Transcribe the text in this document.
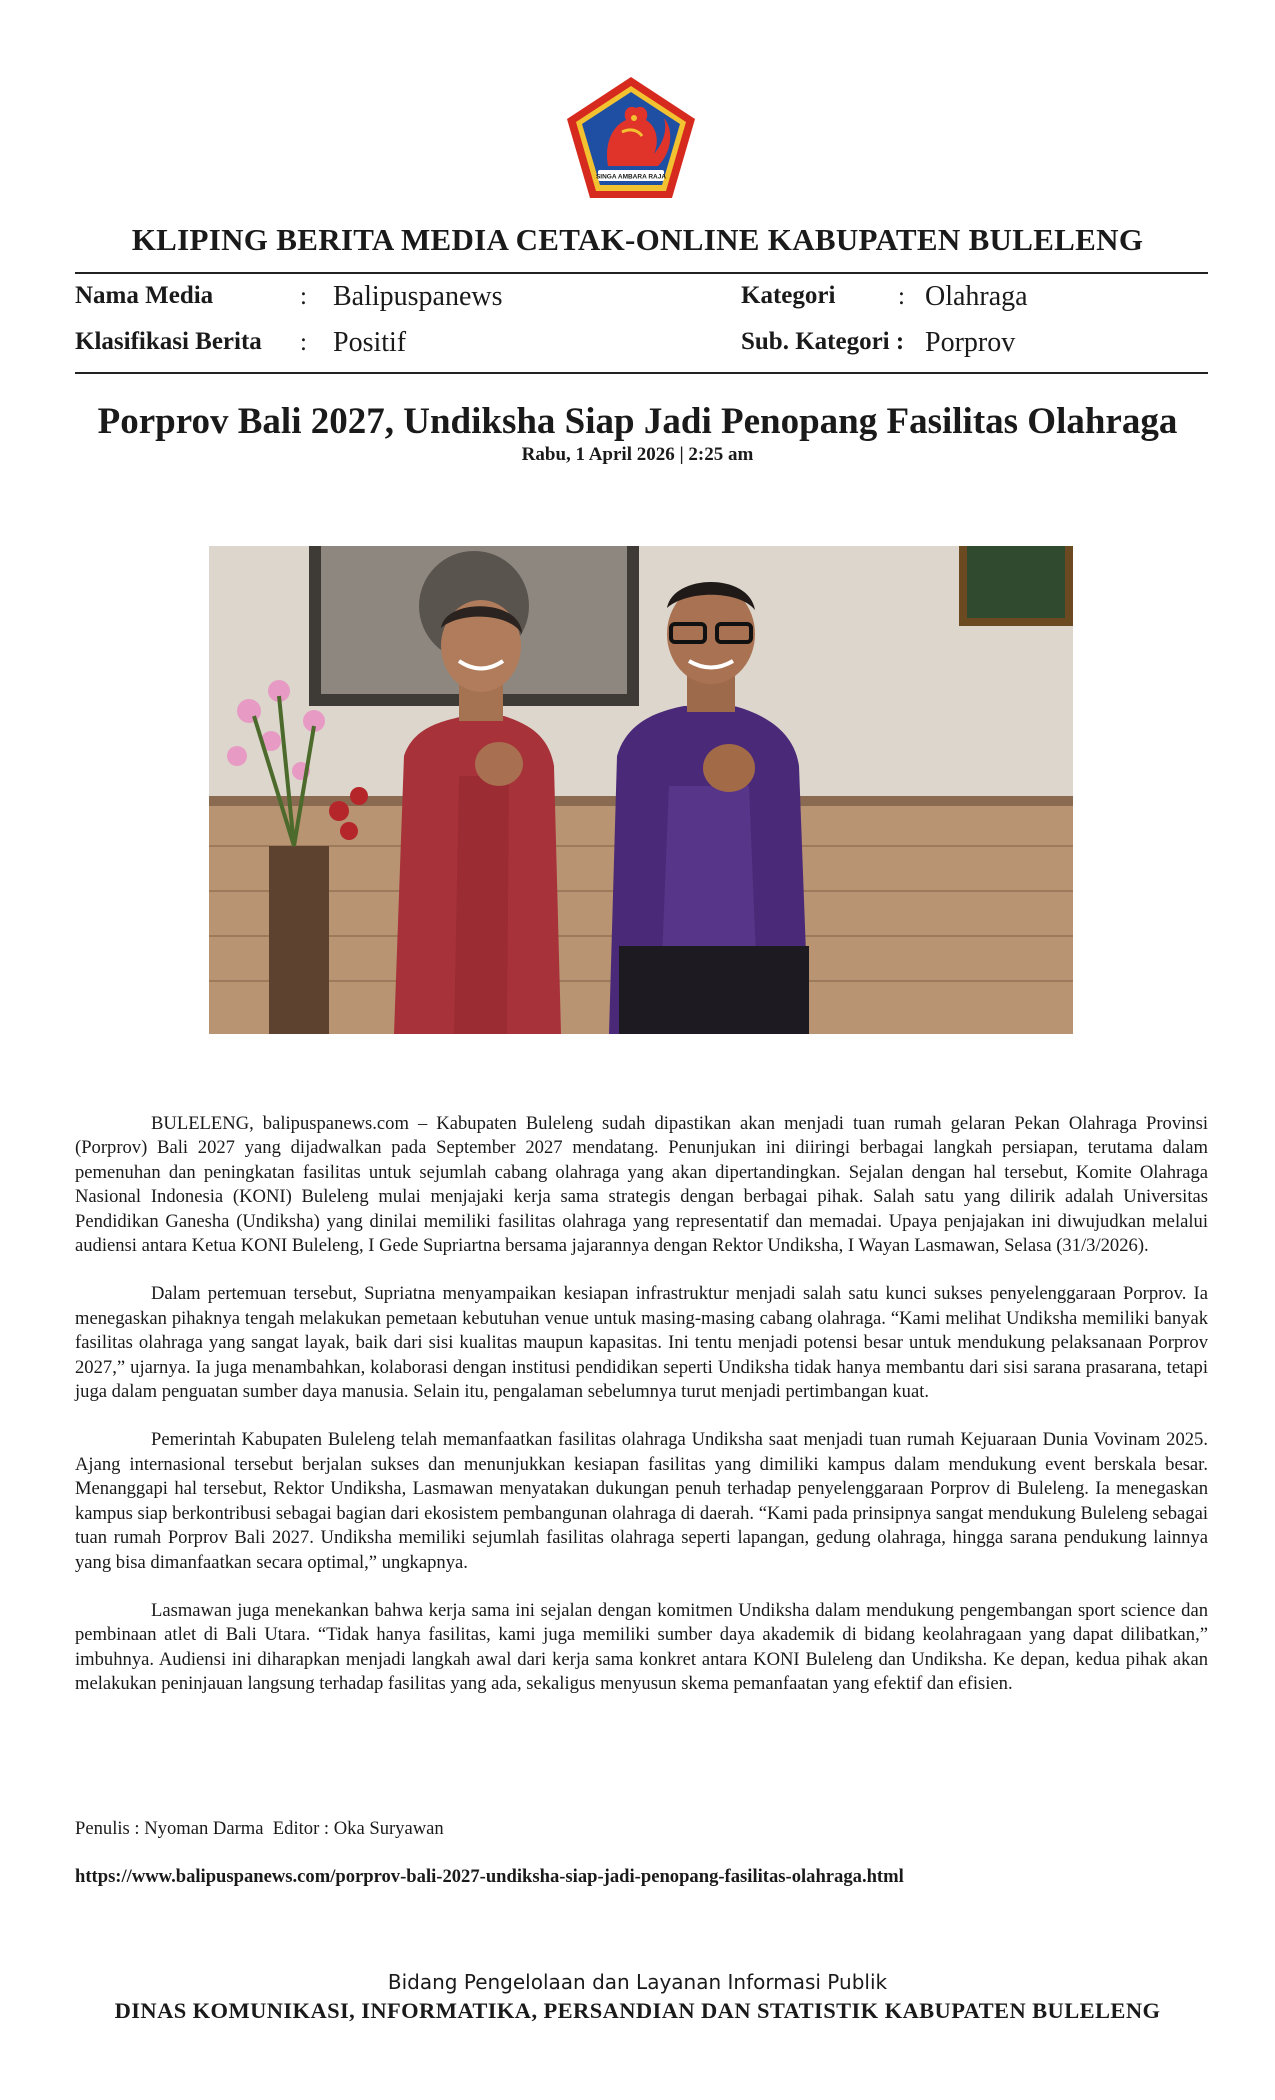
SINGA AMBARA RAJA
KLIPING BERITA MEDIA CETAK-ONLINE KABUPATEN BULELENG
Nama Media	: Balipuspanews	Kategori	: Olahraga
Klasifikasi Berita : Positif	Sub. Kategori : Porprov
Porprov Bali 2027, Undiksha Siap Jadi Penopang Fasilitas Olahraga
Rabu, 1 April 2026 | 2:25 am

BULELENG, balipuspanews.com – Kabupaten Buleleng sudah dipastikan akan menjadi tuan rumah gelaran Pekan Olahraga Provinsi (Porprov) Bali 2027 yang dijadwalkan pada September 2027 mendatang. Penunjukan ini diiringi berbagai langkah persiapan, terutama dalam pemenuhan dan peningkatan fasilitas untuk sejumlah cabang olahraga yang akan dipertandingkan. Sejalan dengan hal tersebut, Komite Olahraga Nasional Indonesia (KONI) Buleleng mulai menjajaki kerja sama strategis dengan berbagai pihak. Salah satu yang dilirik adalah Universitas Pendidikan Ganesha (Undiksha) yang dinilai memiliki fasilitas olahraga yang representatif dan memadai. Upaya penjajakan ini diwujudkan melalui audiensi antara Ketua KONI Buleleng, I Gede Supriartna bersama jajarannya dengan Rektor Undiksha, I Wayan Lasmawan, Selasa (31/3/2026).

Dalam pertemuan tersebut, Supriatna menyampaikan kesiapan infrastruktur menjadi salah satu kunci sukses penyelenggaraan Porprov. Ia menegaskan pihaknya tengah melakukan pemetaan kebutuhan venue untuk masing-masing cabang olahraga. “Kami melihat Undiksha memiliki banyak fasilitas olahraga yang sangat layak, baik dari sisi kualitas maupun kapasitas. Ini tentu menjadi potensi besar untuk mendukung pelaksanaan Porprov 2027,” ujarnya. Ia juga menambahkan, kolaborasi dengan institusi pendidikan seperti Undiksha tidak hanya membantu dari sisi sarana prasarana, tetapi juga dalam penguatan sumber daya manusia. Selain itu, pengalaman sebelumnya turut menjadi pertimbangan kuat.

Pemerintah Kabupaten Buleleng telah memanfaatkan fasilitas olahraga Undiksha saat menjadi tuan rumah Kejuaraan Dunia Vovinam 2025. Ajang internasional tersebut berjalan sukses dan menunjukkan kesiapan fasilitas yang dimiliki kampus dalam mendukung event berskala besar. Menanggapi hal tersebut, Rektor Undiksha, Lasmawan menyatakan dukungan penuh terhadap penyelenggaraan Porprov di Buleleng. Ia menegaskan kampus siap berkontribusi sebagai bagian dari ekosistem pembangunan olahraga di daerah. “Kami pada prinsipnya sangat mendukung Buleleng sebagai tuan rumah Porprov Bali 2027. Undiksha memiliki sejumlah fasilitas olahraga seperti lapangan, gedung olahraga, hingga sarana pendukung lainnya yang bisa dimanfaatkan secara optimal,” ungkapnya.

Lasmawan juga menekankan bahwa kerja sama ini sejalan dengan komitmen Undiksha dalam mendukung pengembangan sport science dan pembinaan atlet di Bali Utara. “Tidak hanya fasilitas, kami juga memiliki sumber daya akademik di bidang keolahragaan yang dapat dilibatkan,” imbuhnya. Audiensi ini diharapkan menjadi langkah awal dari kerja sama konkret antara KONI Buleleng dan Undiksha. Ke depan, kedua pihak akan melakukan peninjauan langsung terhadap fasilitas yang ada, sekaligus menyusun skema pemanfaatan yang efektif dan efisien.

Penulis : Nyoman Darma  Editor : Oka Suryawan
https://www.balipuspanews.com/porprov-bali-2027-undiksha-siap-jadi-penopang-fasilitas-olahraga.html
Bidang Pengelolaan dan Layanan Informasi Publik
DINAS KOMUNIKASI, INFORMATIKA, PERSANDIAN DAN STATISTIK KABUPATEN BULELENG
